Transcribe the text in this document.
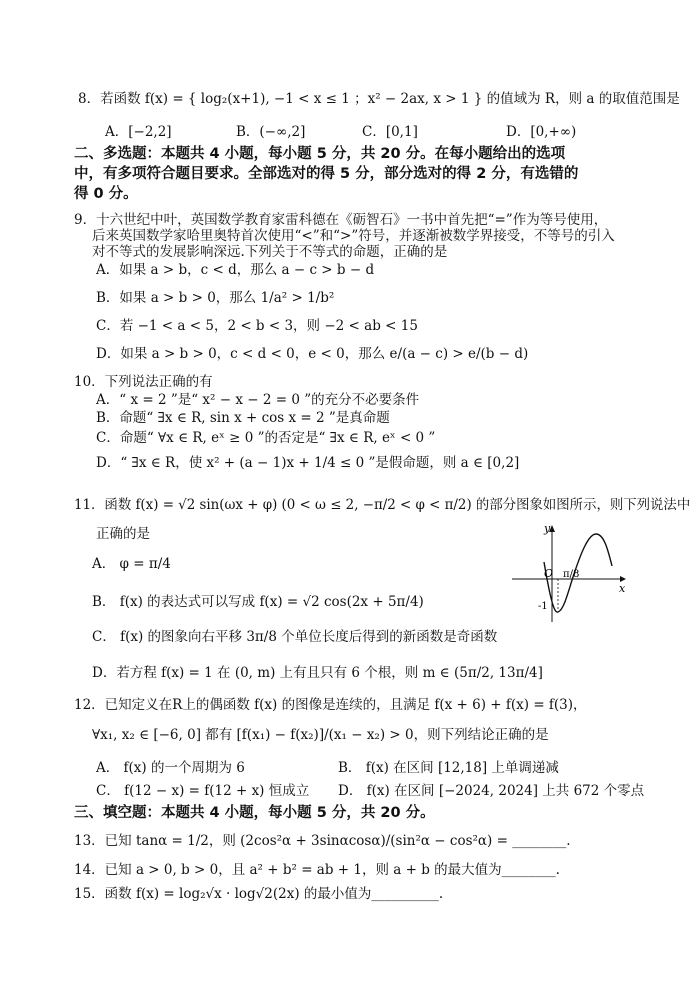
8．若函数 f(x) = { log₂(x+1), −1 < x ≤ 1 ；x² − 2ax, x > 1 } 的值域为 R，则 a 的取值范围是
A．[−2,2]	B．(−∞,2]	C．[0,1]	D．[0,+∞)
二、多选题：本题共 4 小题，每小题 5 分，共 20 分。在每小题给出的选项
中，有多项符合题目要求。全部选对的得 5 分，部分选对的得 2 分，有选错的
得 0 分。
9．十六世纪中叶，英国数学教育家雷科德在《砺智石》一书中首先把“=”作为等号使用，
后来英国数学家哈里奥特首次使用“<”和“>”符号，并逐渐被数学界接受，不等号的引入
对不等式的发展影响深远.下列关于不等式的命题，正确的是
A．如果 a > b，c < d，那么 a − c > b − d
B．如果 a > b > 0，那么 1/a² > 1/b²
C．若 −1 < a < 5，2 < b < 3，则 −2 < ab < 15
D．如果 a > b > 0，c < d < 0，e < 0，那么 e/(a − c) > e/(b − d)
10．下列说法正确的有
A．“ x = 2 ”是“ x² − x − 2 = 0 ”的充分不必要条件
B．命题“ ∃x ∈ R, sin x + cos x = 2 ”是真命题
C．命题“ ∀x ∈ R, eˣ ≥ 0 ”的否定是“ ∃x ∈ R, eˣ < 0 ”
D．“ ∃x ∈ R，使 x² + (a − 1)x + 1/4 ≤ 0 ”是假命题，则 a ∈ [0,2]
11．函数 f(x) = √2 sin(ωx + φ) (0 < ω ≤ 2, −π/2 < φ < π/2) 的部分图象如图所示，则下列说法中
正确的是
A． φ = π/4
B． f(x) 的表达式可以写成 f(x) = √2 cos(2x + 5π/4)
C． f(x) 的图象向右平移 3π/8 个单位长度后得到的新函数是奇函数
D．若方程 f(x) = 1 在 (0, m) 上有且只有 6 个根，则 m ∈ (5π/2, 13π/4]
y
O
x
π/8
-1
12．已知定义在R上的偶函数 f(x) 的图像是连续的，且满足 f(x + 6) + f(x) = f(3)，
∀x₁, x₂ ∈ [−6, 0] 都有 [f(x₁) − f(x₂)]/(x₁ − x₂) > 0，则下列结论正确的是
A． f(x) 的一个周期为 6	B． f(x) 在区间 [12,18] 上单调递减
C． f(12 − x) = f(12 + x) 恒成立 D． f(x) 在区间 [−2024, 2024] 上共 672 个零点
三、填空题：本题共 4 小题，每小题 5 分，共 20 分。
13．已知 tanα = 1/2，则 (2cos²α + 3sinαcosα)/(sin²α − cos²α) = ________.
14．已知 a > 0, b > 0，且 a² + b² = ab + 1，则 a + b 的最大值为________.
15．函数 f(x) = log₂√x · log√2(2x) 的最小值为__________.
